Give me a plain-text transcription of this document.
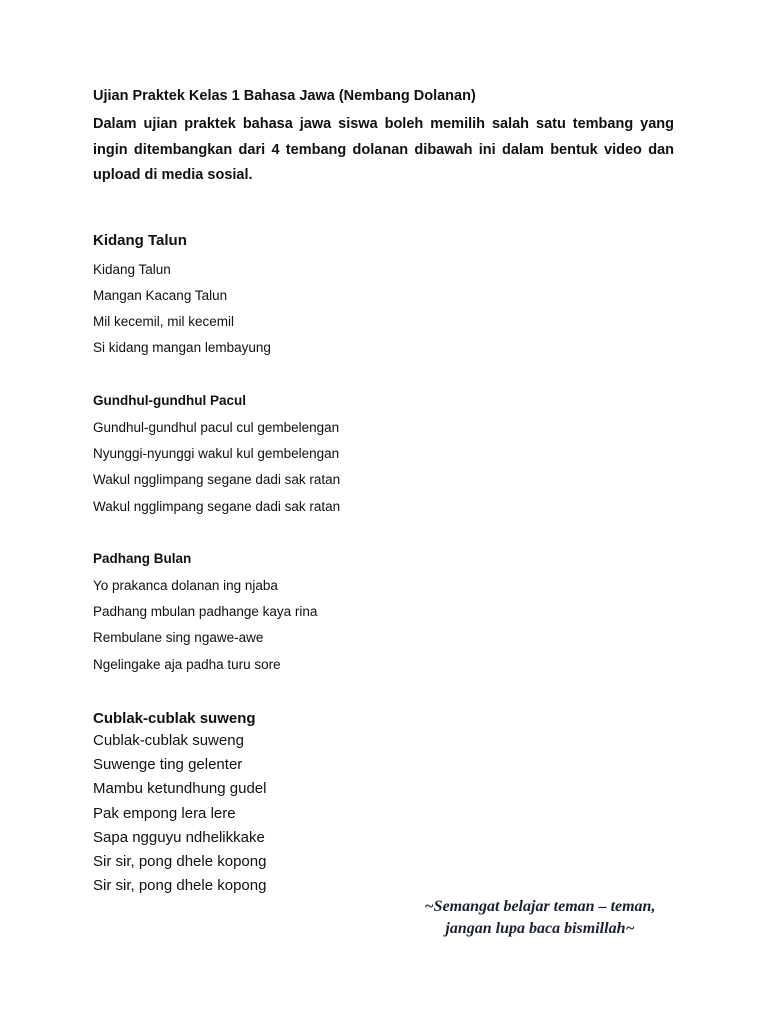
Ujian Praktek Kelas 1 Bahasa Jawa (Nembang Dolanan)

Dalam ujian praktek bahasa jawa siswa boleh memilih salah satu tembang yang ingin ditembangkan dari 4 tembang dolanan dibawah ini dalam bentuk video dan upload di media sosial.

Kidang Talun
Kidang Talun
Mangan Kacang Talun
Mil kecemil, mil kecemil
Si kidang mangan lembayung
Gundhul-gundhul Pacul
Gundhul-gundhul pacul cul gembelengan
Nyunggi-nyunggi wakul kul gembelengan
Wakul ngglimpang segane dadi sak ratan
Wakul ngglimpang segane dadi sak ratan
Padhang Bulan
Yo prakanca dolanan ing njaba
Padhang mbulan padhange kaya rina
Rembulane sing ngawe-awe
Ngelingake aja padha turu sore
Cublak-cublak suweng
Cublak-cublak suweng
Suwenge ting gelenter
Mambu ketundhung gudel
Pak empong lera lere
Sapa ngguyu ndhelikkake
Sir sir, pong dhele kopong
Sir sir, pong dhele kopong
~Semangat belajar teman – teman,
jangan lupa baca bismillah~
